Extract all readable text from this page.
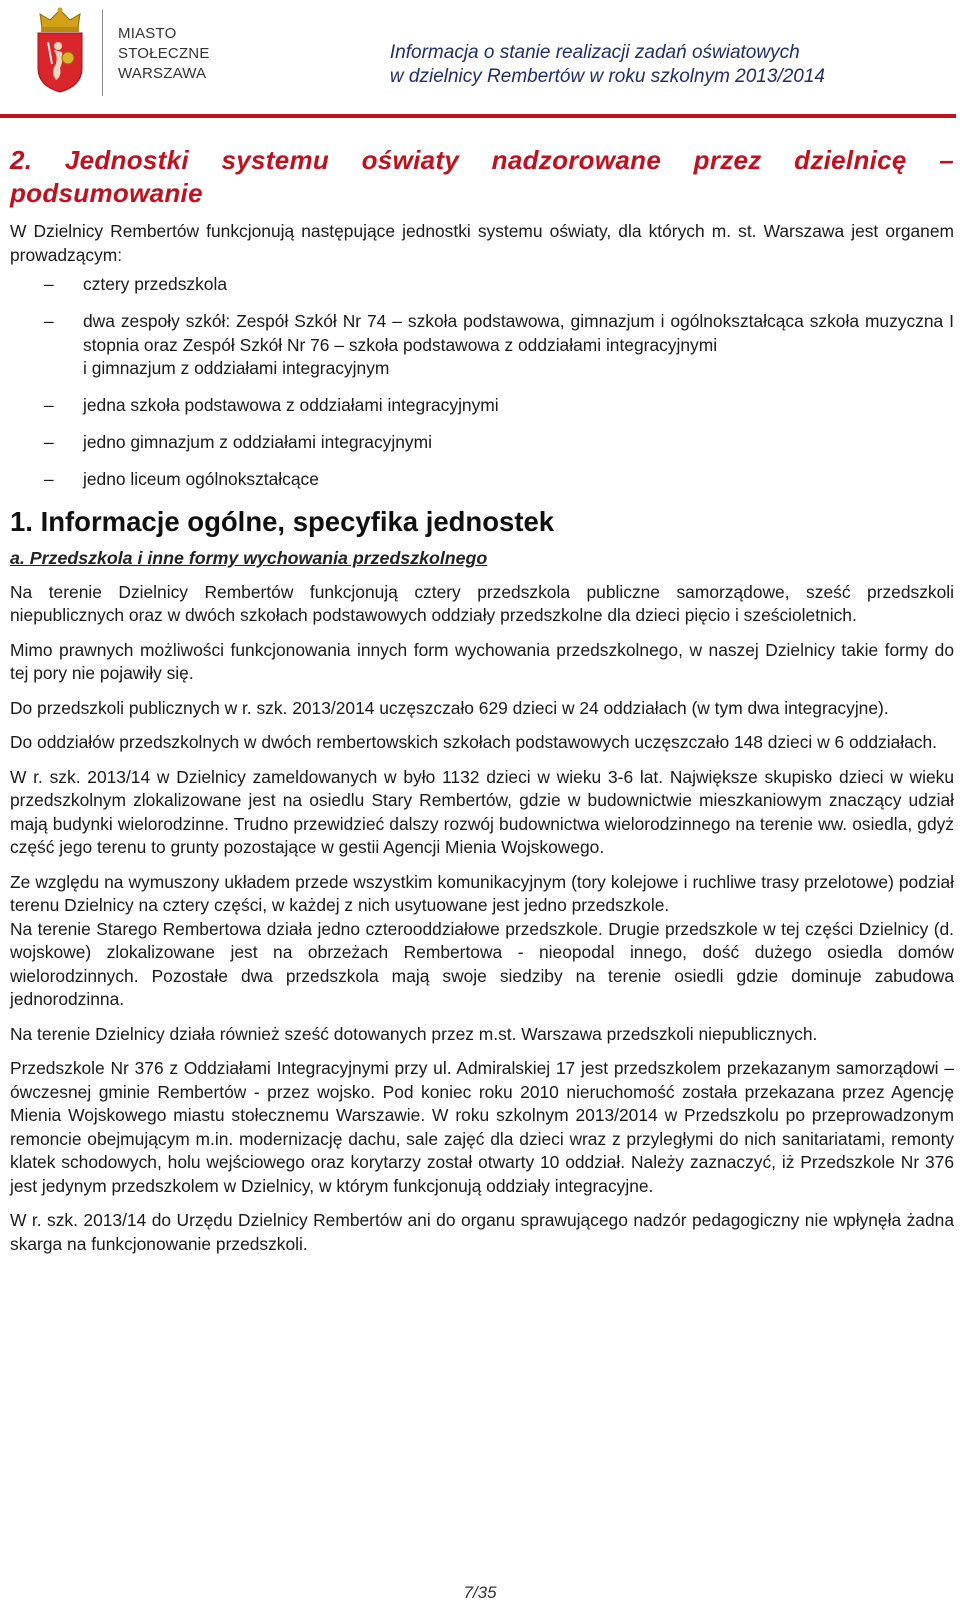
MIASTO
STOŁECZNE
WARSZAWA
Informacja o stanie realizacji zadań oświatowych
w dzielnicy Rembertów w roku szkolnym 2013/2014

2. Jednostki systemu oświaty nadzorowane przez dzielnicę – podsumowanie

W Dzielnicy Rembertów funkcjonują następujące jednostki systemu oświaty, dla których m. st. Warszawa jest organem prowadzącym:

– cztery przedszkola
– dwa zespoły szkół: Zespół Szkół Nr 74 – szkoła podstawowa, gimnazjum i ogólnokształcąca szkoła muzyczna I stopnia oraz Zespół Szkół Nr 76 – szkoła podstawowa z oddziałami integracyjnymi
i gimnazjum z oddziałami integracyjnym
– jedna szkoła podstawowa z oddziałami integracyjnymi
– jedno gimnazjum z oddziałami integracyjnymi
– jedno liceum ogólnokształcące
1. Informacje ogólne, specyfika jednostek
a. Przedszkola i inne formy wychowania przedszkolnego

Na terenie Dzielnicy Rembertów funkcjonują cztery przedszkola publiczne samorządowe, sześć przedszkoli niepublicznych oraz w dwóch szkołach podstawowych oddziały przedszkolne dla dzieci pięcio i sześcioletnich.

Mimo prawnych możliwości funkcjonowania innych form wychowania przedszkolnego, w naszej Dzielnicy takie formy do tej pory nie pojawiły się.

Do przedszkoli publicznych w r. szk. 2013/2014 uczęszczało 629 dzieci w 24 oddziałach (w tym dwa integracyjne).

Do oddziałów przedszkolnych w dwóch rembertowskich szkołach podstawowych uczęszczało 148 dzieci w 6 oddziałach.

W r. szk. 2013/14 w Dzielnicy zameldowanych w było 1132 dzieci w wieku 3-6 lat. Największe skupisko dzieci w wieku przedszkolnym zlokalizowane jest na osiedlu Stary Rembertów, gdzie w budownictwie mieszkaniowym znaczący udział mają budynki wielorodzinne. Trudno przewidzieć dalszy rozwój budownictwa wielorodzinnego na terenie ww. osiedla, gdyż część jego terenu to grunty pozostające w gestii Agencji Mienia Wojskowego.

Ze względu na wymuszony układem przede wszystkim komunikacyjnym (tory kolejowe i ruchliwe trasy przelotowe) podział terenu Dzielnicy na cztery części, w każdej z nich usytuowane jest jedno przedszkole.

Na terenie Starego Rembertowa działa jedno czterooddziałowe przedszkole. Drugie przedszkole w tej części Dzielnicy (d. wojskowe) zlokalizowane jest na obrzeżach Rembertowa - nieopodal innego, dość dużego osiedla domów wielorodzinnych. Pozostałe dwa przedszkola mają swoje siedziby na terenie osiedli gdzie dominuje zabudowa jednorodzinna.

Na terenie Dzielnicy działa również sześć dotowanych przez m.st. Warszawa przedszkoli niepublicznych.

Przedszkole Nr 376 z Oddziałami Integracyjnymi przy ul. Admiralskiej 17 jest przedszkolem przekazanym samorządowi – ówczesnej gminie Rembertów - przez wojsko. Pod koniec roku 2010 nieruchomość została przekazana przez Agencję Mienia Wojskowego miastu stołecznemu Warszawie. W roku szkolnym 2013/2014 w Przedszkolu po przeprowadzonym remoncie obejmującym m.in. modernizację dachu, sale zajęć dla dzieci wraz z przyległymi do nich sanitariatami, remonty klatek schodowych, holu wejściowego oraz korytarzy został otwarty 10 oddział. Należy zaznaczyć, iż Przedszkole Nr 376 jest jedynym przedszkolem w Dzielnicy, w którym funkcjonują oddziały integracyjne.

W r. szk. 2013/14 do Urzędu Dzielnicy Rembertów ani do organu sprawującego nadzór pedagogiczny nie wpłynęła żadna skarga na funkcjonowanie przedszkoli.

7/35
